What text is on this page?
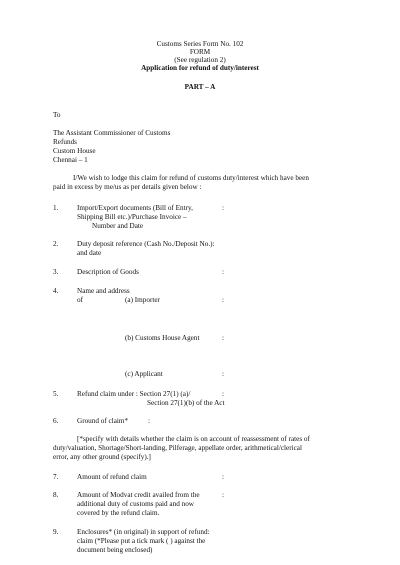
Customs Series Form No. 102
FORM
(See regulation 2)
Application for refund of duty/interest
PART – A
To
The Assistant Commissioner of Customs
Refunds
Custom House
Chennai – 1
I/We wish to lodge this claim for refund of customs duty/interest which have been
paid in excess by me/us as per details given below :
1.	Import/Export documents (Bill of Entry,	:
Shipping Bill etc.)/Purchase Invoice –
Number and Date
2.	Duty deposit reference (Cash No./Deposit No.):
and date
3.	Description of Goods	:
4.	Name and address
of	(a) Importer	:
(b) Customs House Agent	:
(c) Applicant	:
5.	Refund claim under : Section 27(1) (a)/	:
Section 27(1)(b) of the Act
6.	Ground of claim*	:
[*specify with details whether the claim is on account of reassessment of rates of
duty/valuation, Shortage/Short-landing, Pilferage, appellate order, arithmetical/clerical
error, any other ground (specify).]
7.	Amount of refund claim	:
8.	Amount of Modvat credit availed from the	:
additional duty of customs paid and now
covered by the refund claim.
9.	Enclosures* (in original) in support of refund:
claim (*Please put a tick mark ( ) against the
document being enclosed)
